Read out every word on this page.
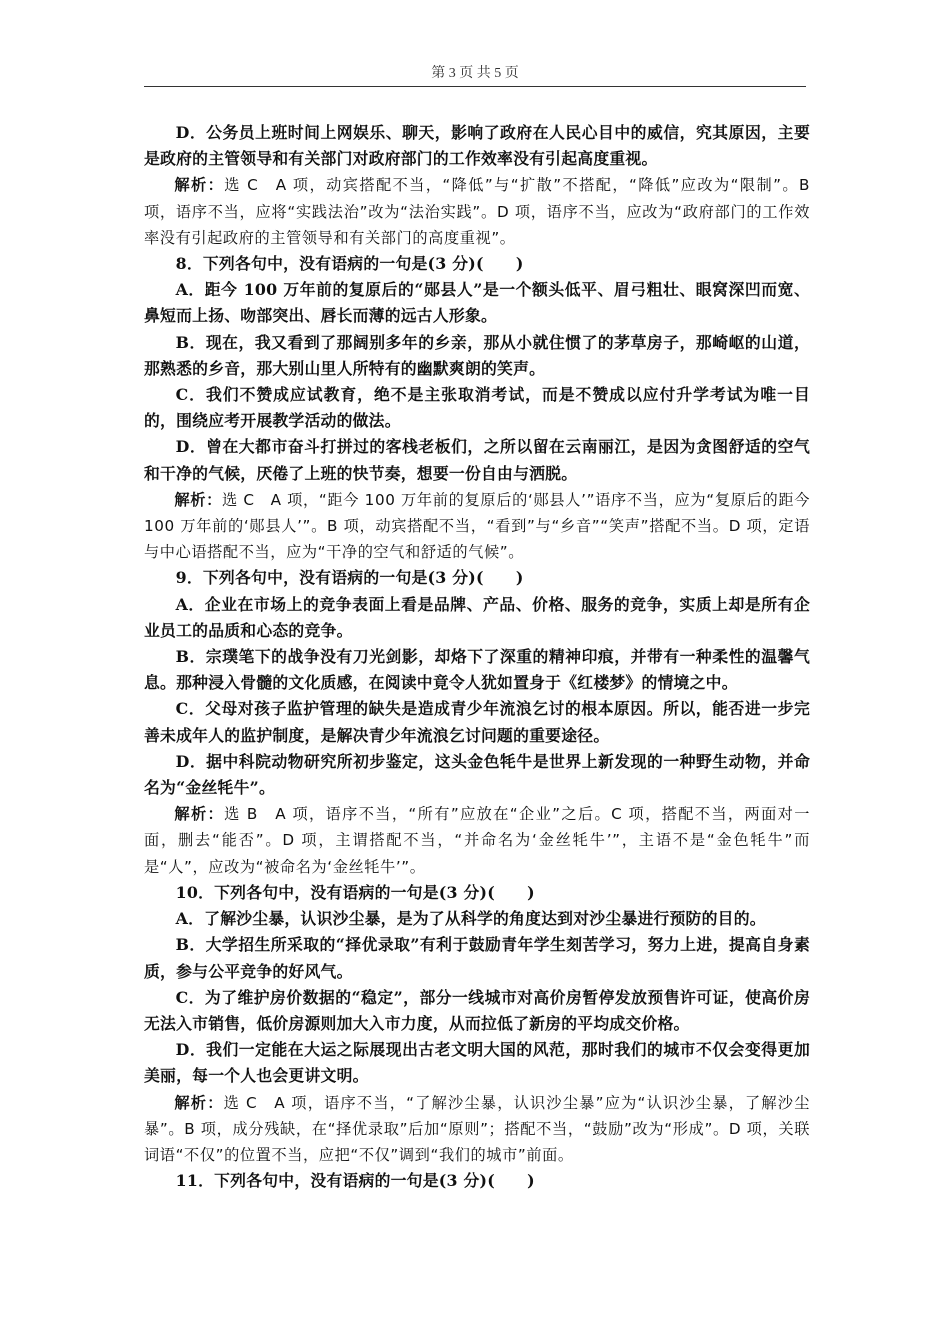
第 3 页 共 5 页

D．公务员上班时间上网娱乐、聊天，影响了政府在人民心目中的威信，究其原因，主要是政府的主管领导和有关部门对政府部门的工作效率没有引起高度重视。

解析：选 C　A 项，动宾搭配不当，“降低”与“扩散”不搭配，“降低”应改为“限制”。B 项，语序不当，应将“实践法治”改为“法治实践”。D 项，语序不当，应改为“政府部门的工作效率没有引起政府的主管领导和有关部门的高度重视”。

8．下列各句中，没有语病的一句是(3 分)(　　)

A．距今 100 万年前的复原后的“郧县人”是一个额头低平、眉弓粗壮、眼窝深凹而宽、鼻短而上扬、吻部突出、唇长而薄的远古人形象。

B．现在，我又看到了那阔别多年的乡亲，那从小就住惯了的茅草房子，那崎岖的山道，那熟悉的乡音，那大别山里人所特有的幽默爽朗的笑声。

C．我们不赞成应试教育，绝不是主张取消考试，而是不赞成以应付升学考试为唯一目的，围绕应考开展教学活动的做法。

D．曾在大都市奋斗打拼过的客栈老板们，之所以留在云南丽江，是因为贪图舒适的空气和干净的气候，厌倦了上班的快节奏，想要一份自由与洒脱。

解析：选 C　A 项，“距今 100 万年前的复原后的‘郧县人’”语序不当，应为“复原后的距今 100 万年前的‘郧县人’”。B 项，动宾搭配不当，“看到”与“乡音”“笑声”搭配不当。D 项，定语与中心语搭配不当，应为“干净的空气和舒适的气候”。

9．下列各句中，没有语病的一句是(3 分)(　　)

A．企业在市场上的竞争表面上看是品牌、产品、价格、服务的竞争，实质上却是所有企业员工的品质和心态的竞争。

B．宗璞笔下的战争没有刀光剑影，却烙下了深重的精神印痕，并带有一种柔性的温馨气息。那种浸入骨髓的文化质感，在阅读中竟令人犹如置身于《红楼梦》的情境之中。

C．父母对孩子监护管理的缺失是造成青少年流浪乞讨的根本原因。所以，能否进一步完善未成年人的监护制度，是解决青少年流浪乞讨问题的重要途径。

D．据中科院动物研究所初步鉴定，这头金色牦牛是世界上新发现的一种野生动物，并命名为“金丝牦牛”。

解析：选 B　A 项，语序不当，“所有”应放在“企业”之后。C 项，搭配不当，两面对一面，删去“能否”。D 项，主谓搭配不当，“并命名为‘金丝牦牛’”，主语不是“金色牦牛”而是“人”，应改为“被命名为‘金丝牦牛’”。

10．下列各句中，没有语病的一句是(3 分)(　　)

A．了解沙尘暴，认识沙尘暴，是为了从科学的角度达到对沙尘暴进行预防的目的。

B．大学招生所采取的“择优录取”有利于鼓励青年学生刻苦学习，努力上进，提高自身素质，参与公平竞争的好风气。

C．为了维护房价数据的“稳定”，部分一线城市对高价房暂停发放预售许可证，使高价房无法入市销售，低价房源则加大入市力度，从而拉低了新房的平均成交价格。

D．我们一定能在大运之际展现出古老文明大国的风范，那时我们的城市不仅会变得更加美丽，每一个人也会更讲文明。

解析：选 C　A 项，语序不当，“了解沙尘暴，认识沙尘暴”应为“认识沙尘暴，了解沙尘暴”。B 项，成分残缺，在“择优录取”后加“原则”；搭配不当，“鼓励”改为“形成”。D 项，关联词语“不仅”的位置不当，应把“不仅”调到“我们的城市”前面。

11．下列各句中，没有语病的一句是(3 分)(　　)
